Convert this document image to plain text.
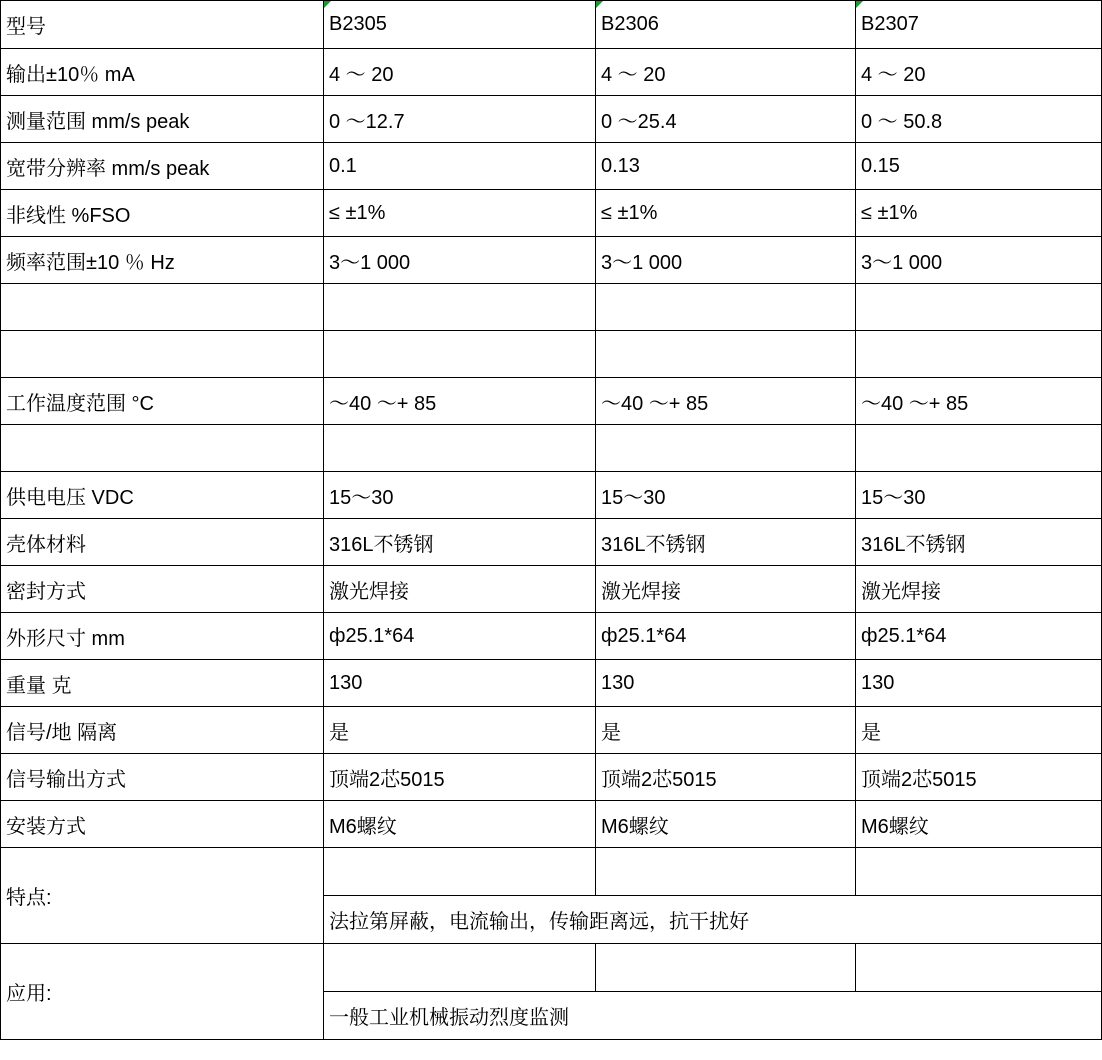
型号	B2305	B2306	B2307
输出±10％ mA	4 ～ 20	4 ～ 20	4 ～ 20
测量范围 mm/s peak	0 ～12.7	0 ～25.4	0 ～ 50.8
宽带分辨率 mm/s peak	0.1	0.13	0.15
非线性 %FSO	≤ ±1%	≤ ±1%	≤ ±1%
频率范围±10 ％ Hz	3～1 000	3～1 000	3～1 000

工作温度范围 °C	～40 ～+ 85	～40 ～+ 85	～40 ～+ 85

供电电压 VDC	15～30	15～30	15～30
壳体材料	316L不锈钢	316L不锈钢	316L不锈钢
密封方式	激光焊接	激光焊接	激光焊接
外形尺寸 mm	ф25.1*64	ф25.1*64	ф25.1*64
重量 克	130	130	130
信号/地 隔离	是	是	是
信号输出方式	顶端2芯5015	顶端2芯5015	顶端2芯5015
安装方式	M6螺纹	M6螺纹	M6螺纹
特点:			
	法拉第屏蔽，电流输出，传输距离远，抗干扰好		
应用:			
	一般工业机械振动烈度监测		
